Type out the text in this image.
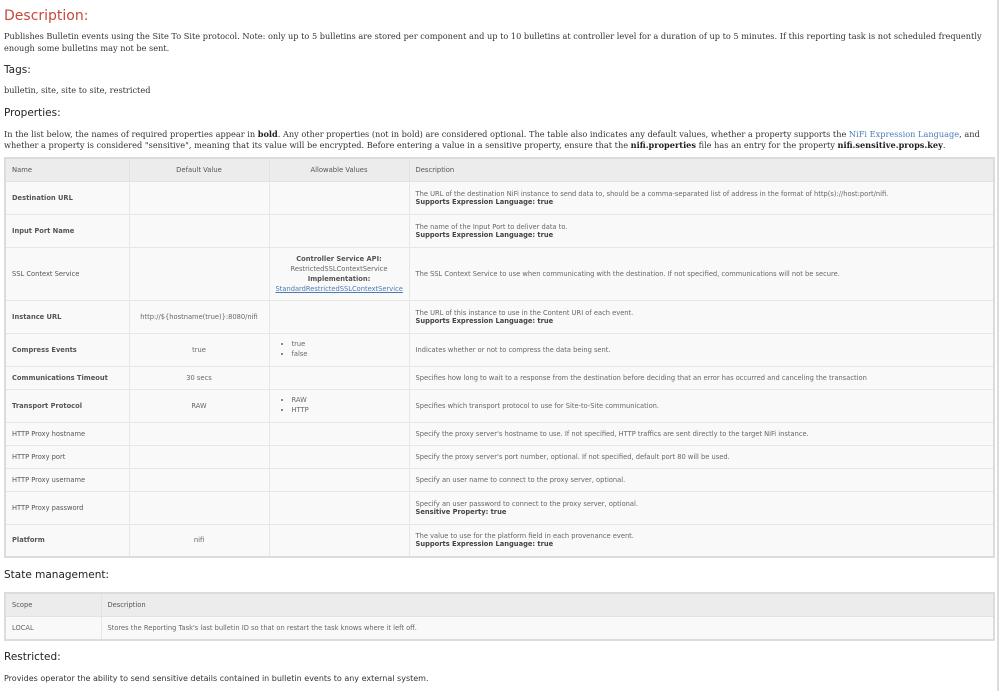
Description:

Publishes Bulletin events using the Site To Site protocol. Note: only up to 5 bulletins are stored per component and up to 10 bulletins at controller level for a duration of up to 5 minutes. If this reporting task is not scheduled frequently enough some bulletins may not be sent.

Tags:

bulletin, site, site to site, restricted

Properties:

In the list below, the names of required properties appear in bold. Any other properties (not in bold) are considered optional. The table also indicates any default values, whether a property supports the NiFi Expression Language, and whether a property is considered "sensitive", meaning that its value will be encrypted. Before entering a value in a sensitive property, ensure that the nifi.properties file has an entry for the property nifi.sensitive.props.key.

Name	Default Value	Allowable Values	Description
Destination URL			The URL of the destination NiFi instance to send data to, should be a comma-separated list of address in the format of http(s)://host:port/nifi.
Supports Expression Language: true

Input Port Name			The name of the Input Port to deliver data to.
Supports Expression Language: true

SSL Context Service		Controller Service API:
RestrictedSSLContextService
Implementation:
StandardRestrictedSSLContextService	The SSL Context Service to use when communicating with the destination. If not specified, communications will not be secure.
Instance URL	http://${hostname(true)}:8080/nifi		The URL of this instance to use in the Content URI of each event.
Supports Expression Language: true

Compress Events	true	
• true
• false	Indicates whether or not to compress the data being sent.
Communications Timeout	30 secs		Specifies how long to wait to a response from the destination before deciding that an error has occurred and canceling the transaction
Transport Protocol	RAW	
• RAW
• HTTP	Specifies which transport protocol to use for Site-to-Site communication.
HTTP Proxy hostname			Specify the proxy server's hostname to use. If not specified, HTTP traffics are sent directly to the target NiFi instance.
HTTP Proxy port			Specify the proxy server's port number, optional. If not specified, default port 80 will be used.
HTTP Proxy username			Specify an user name to connect to the proxy server, optional.
HTTP Proxy password			Specify an user password to connect to the proxy server, optional.
Sensitive Property: true

Platform	nifi		The value to use for the platform field in each provenance event.
Supports Expression Language: true
State management:
Scope	Description
LOCAL	Stores the Reporting Task's last bulletin ID so that on restart the task knows where it left off.
Restricted:

Provides operator the ability to send sensitive details contained in bulletin events to any external system.
